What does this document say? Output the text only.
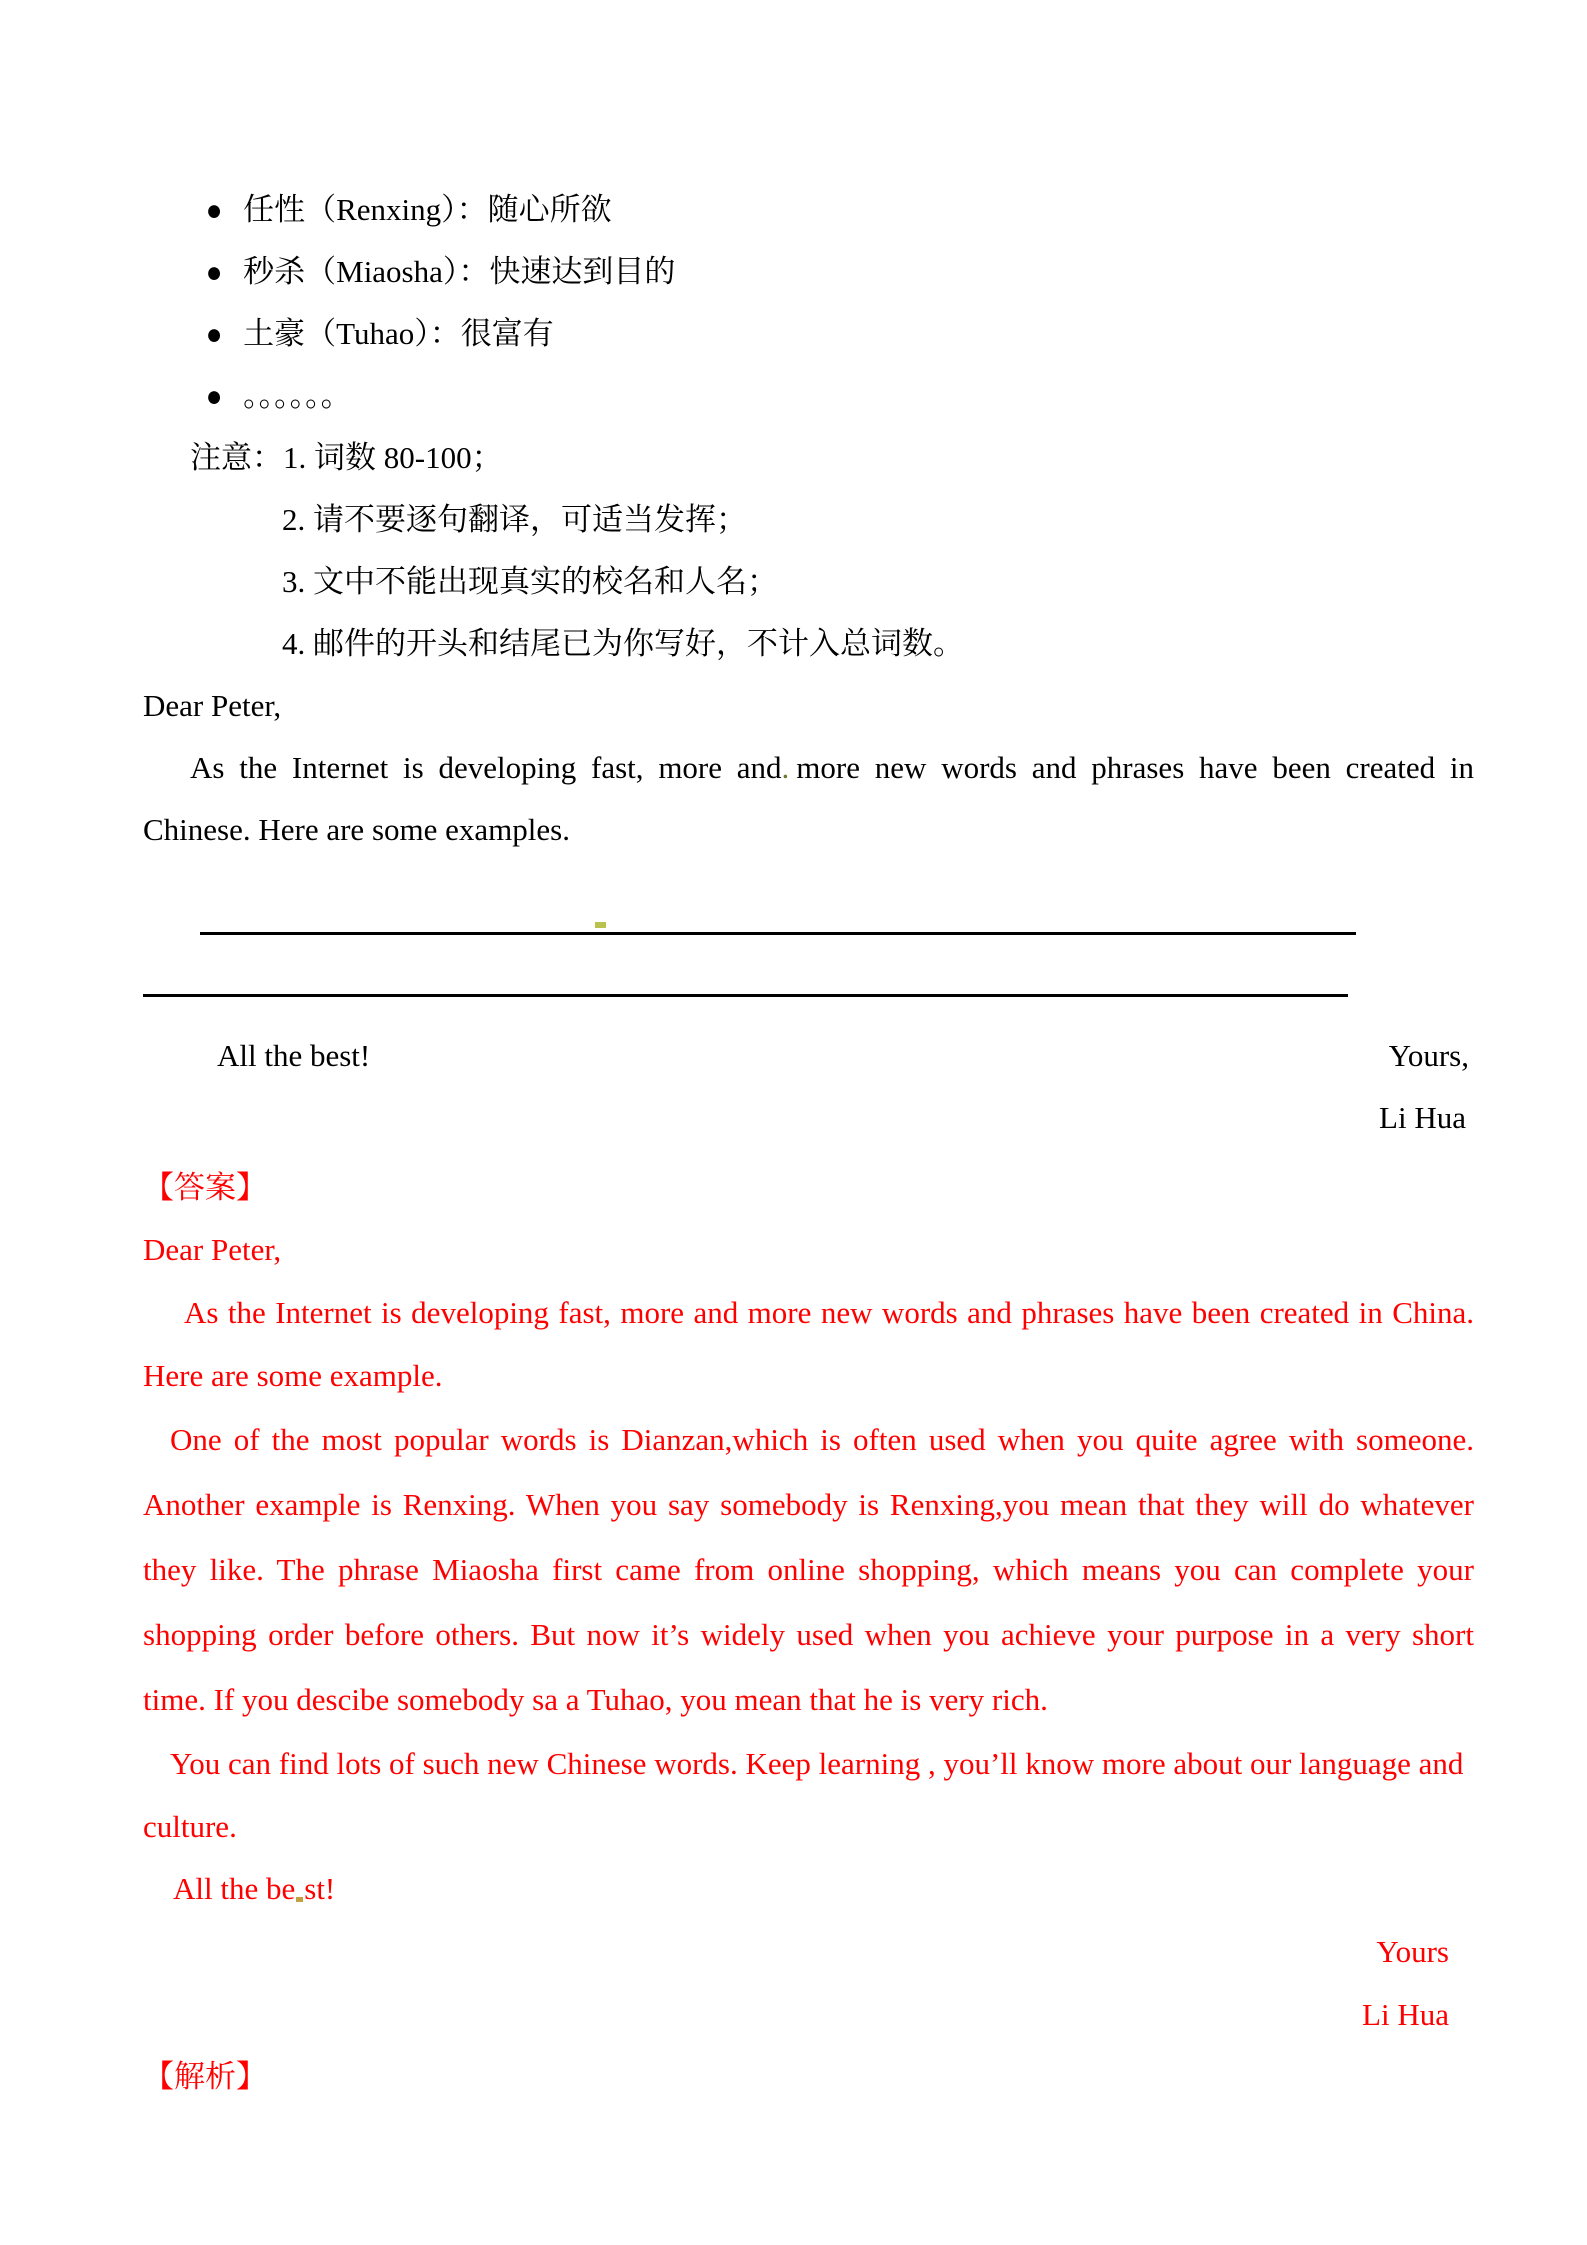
● 任性（Renxing）：随心所欲
● 秒杀（Miaosha）：快速达到目的
● 土豪（Tuhao）：很富有
● 。。。。。。
注意：1. 词数 80-100；
2. 请不要逐句翻译，可适当发挥；
3. 文中不能出现真实的校名和人名；
4. 邮件的开头和结尾已为你写好，不计入总词数。
Dear Peter,

As the Internet is developing fast, more and. more new words and phrases have been created in Chinese. Here are some examples.

All the best!	Yours,
Li Hua
【答案】
Dear Peter,

As the Internet is developing fast, more and more new words and phrases have been created in China. Here are some example.

One of the most popular words is Dianzan,which is often used when you quite agree with someone. Another example is Renxing. When you say somebody is Renxing,you mean that they will do whatever they like. The phrase Miaosha first came from online shopping, which means you can complete your shopping order before others. But now it’s widely used when you achieve your purpose in a very short time. If you descibe somebody sa a Tuhao, you mean that he is very rich.

You can find lots of such new Chinese words. Keep learning , you’ll know more about our language and culture.

All the be st!
Yours
Li Hua
【解析】
